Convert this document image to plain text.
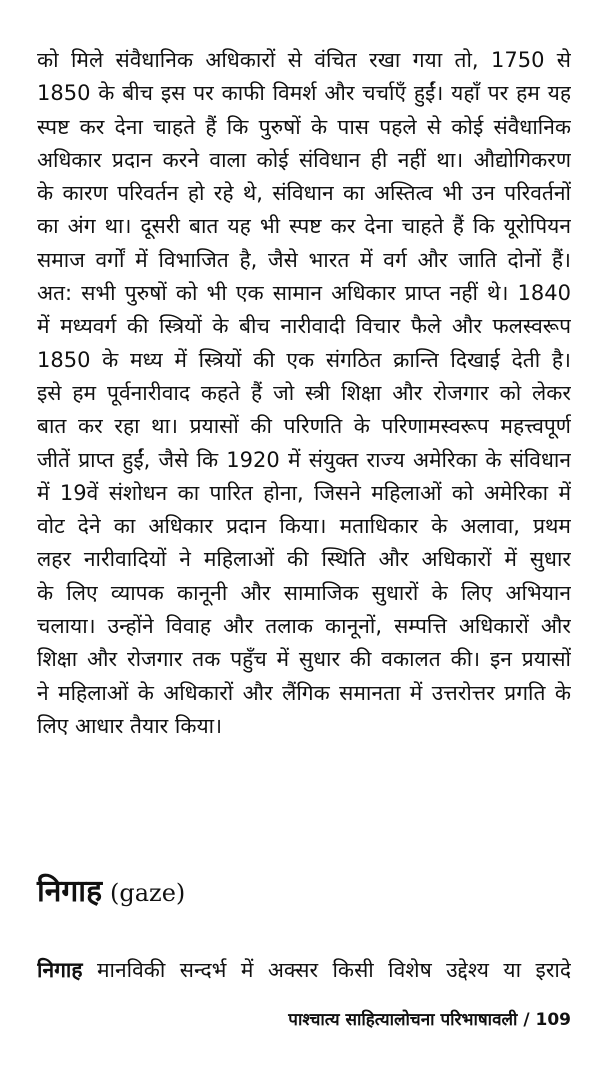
को मिले संवैधानिक अधिकारों से वंचित रखा गया तो, 1750 से
1850 के बीच इस पर काफी विमर्श और चर्चाएँ हुईं। यहाँ पर हम यह
स्पष्ट कर देना चाहते हैं कि पुरुषों के पास पहले से कोई संवैधानिक
अधिकार प्रदान करने वाला कोई संविधान ही नहीं था। औद्योगिकरण
के कारण परिवर्तन हो रहे थे, संविधान का अस्तित्व भी उन परिवर्तनों
का अंग था। दूसरी बात यह भी स्पष्ट कर देना चाहते हैं कि यूरोपियन
समाज वर्गों में विभाजित है, जैसे भारत में वर्ग और जाति दोनों हैं।
अत: सभी पुरुषों को भी एक सामान अधिकार प्राप्त नहीं थे। 1840
में मध्यवर्ग की स्त्रियों के बीच नारीवादी विचार फैले और फलस्वरूप
1850 के मध्य में स्त्रियों की एक संगठित क्रान्ति दिखाई देती है।
इसे हम पूर्वनारीवाद कहते हैं जो स्त्री शिक्षा और रोजगार को लेकर
बात कर रहा था। प्रयासों की परिणति के परिणामस्वरूप महत्त्वपूर्ण
जीतें प्राप्त हुईं, जैसे कि 1920 में संयुक्त राज्य अमेरिका के संविधान
में 19वें संशोधन का पारित होना, जिसने महिलाओं को अमेरिका में
वोट देने का अधिकार प्रदान किया। मताधिकार के अलावा, प्रथम
लहर नारीवादियों ने महिलाओं की स्थिति और अधिकारों में सुधार
के लिए व्यापक कानूनी और सामाजिक सुधारों के लिए अभियान
चलाया। उन्होंने विवाह और तलाक कानूनों, सम्पत्ति अधिकारों और
शिक्षा और रोजगार तक पहुँच में सुधार की वकालत की। इन प्रयासों
ने महिलाओं के अधिकारों और लैंगिक समानता में उत्तरोत्तर प्रगति के
लिए आधार तैयार किया।
निगाह (gaze)
निगाह मानविकी सन्दर्भ में अक्सर किसी विशेष उद्देश्य या इरादे
पाश्चात्य साहित्यालोचना परिभाषावली / 109
